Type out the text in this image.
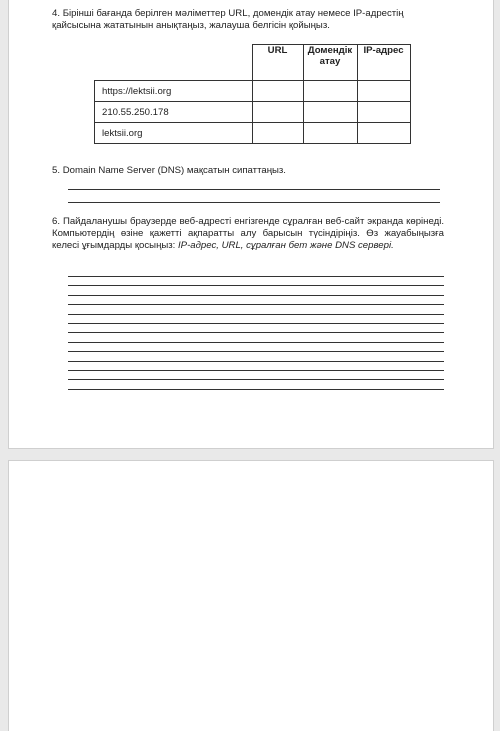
4. Бірінші бағанда берілген мәліметтер URL, домендік атау немесе IP-адрестің қайсысына жататынын анықтаңыз, жалауша белгісін қойыңыз.
	URL	Домендік атау	IP-адрес
https://lektsii.org			
210.55.250.178			
lektsii.org			
5. Domain Name Server (DNS) мақсатын сипаттаңыз.
6. Пайдаланушы браузерде веб-адресті енгізгенде сұралған веб-сайт экранда көрінеді. Компьютердің өзіне қажетті ақпаратты алу барысын түсіндіріңіз. Өз жауабыңызға келесі ұғымдарды қосыңыз: IP-адрес, URL, сұралған бет және DNS сервері.
